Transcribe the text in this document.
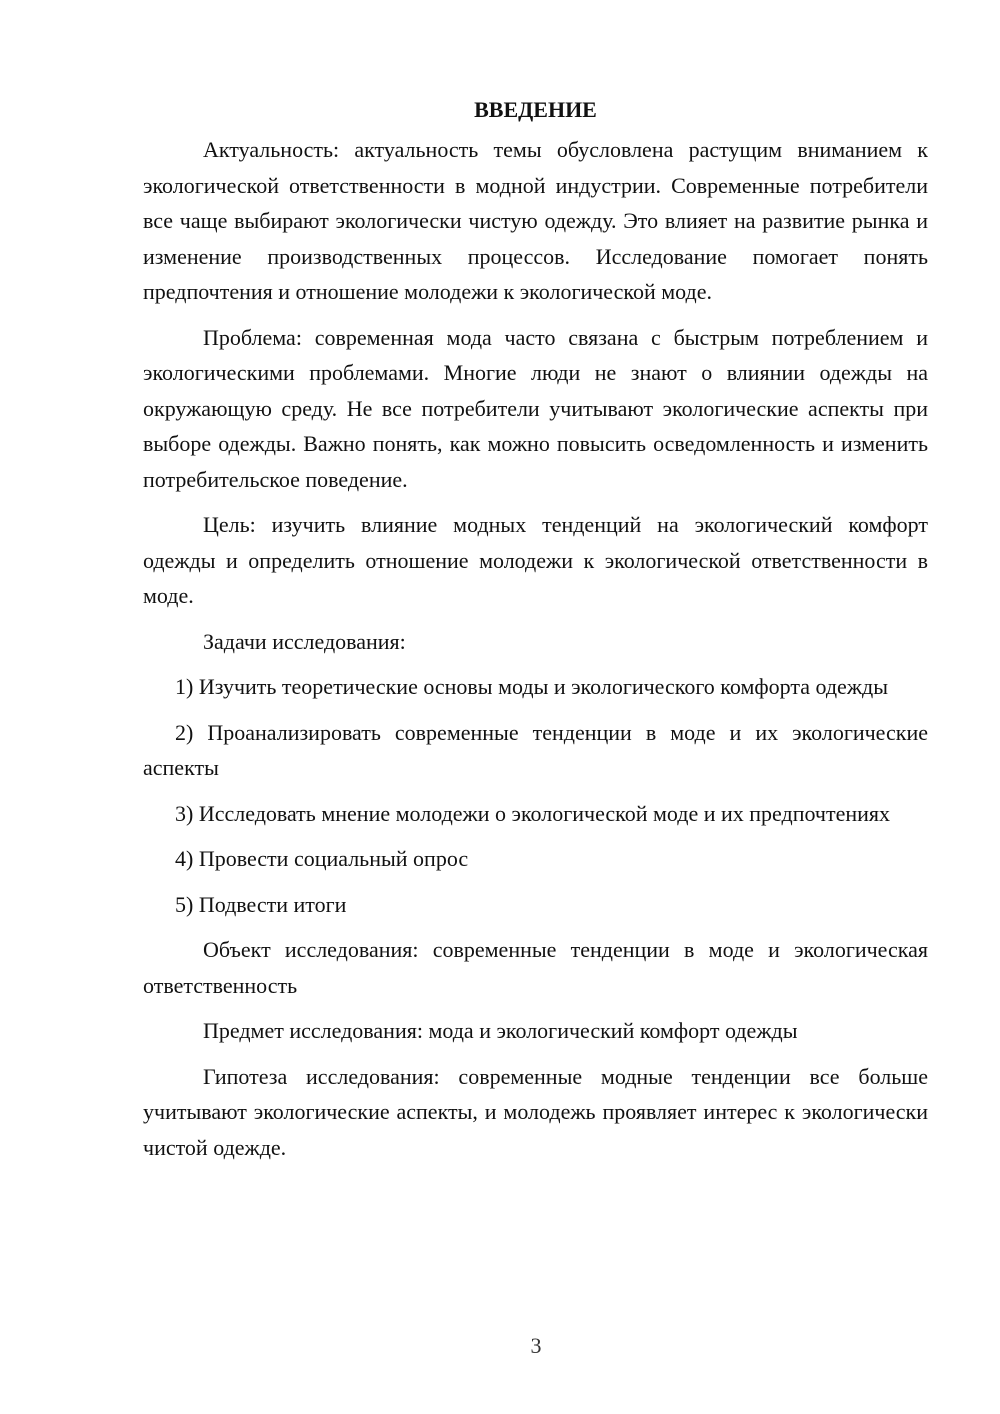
ВВЕДЕНИЕ

Актуальность: актуальность темы обусловлена растущим вниманием к экологической ответственности в модной индустрии. Современные потребители все чаще выбирают экологически чистую одежду. Это влияет на развитие рынка и изменение производственных процессов. Исследование помогает понять предпочтения и отношение молодежи к экологической моде.

Проблема: современная мода часто связана с быстрым потреблением и экологическими проблемами. Многие люди не знают о влиянии одежды на окружающую среду. Не все потребители учитывают экологические аспекты при выборе одежды. Важно понять, как можно повысить осведомленность и изменить потребительское поведение.

Цель: изучить влияние модных тенденций на экологический комфорт одежды и определить отношение молодежи к экологической ответственности в моде.

Задачи исследования:

1) Изучить теоретические основы моды и экологического комфорта одежды

2) Проанализировать современные тенденции в моде и их экологические аспекты

3) Исследовать мнение молодежи о экологической моде и их предпочтениях

4) Провести социальный опрос

5) Подвести итоги

Объект исследования: современные тенденции в моде и экологическая ответственность

Предмет исследования: мода и экологический комфорт одежды

Гипотеза исследования: современные модные тенденции все больше учитывают экологические аспекты, и молодежь проявляет интерес к экологически чистой одежде.

3
